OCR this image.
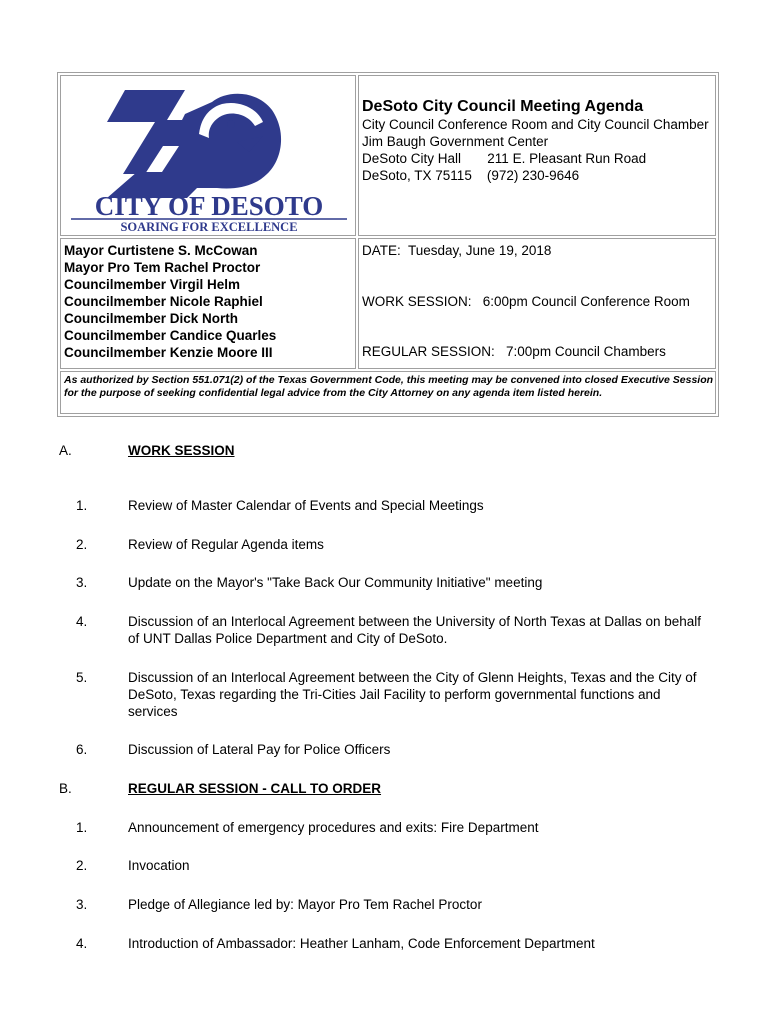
CITY OF DESOTO
SOARING FOR EXCELLENCE
DeSoto City Council Meeting Agenda
City Council Conference Room and City Council Chamber
Jim Baugh Government Center
DeSoto City Hall       211 E. Pleasant Run Road
DeSoto, TX 75115    (972) 230-9646
Mayor Curtistene S. McCowan
Mayor Pro Tem Rachel Proctor
Councilmember Virgil Helm
Councilmember Nicole Raphiel
Councilmember Dick North
Councilmember Candice Quarles
Councilmember Kenzie Moore III
DATE:  Tuesday, June 19, 2018
WORK SESSION:   6:00pm Council Conference Room
REGULAR SESSION:   7:00pm Council Chambers
As authorized by Section 551.071(2) of the Texas Government Code, this meeting may be convened into closed Executive Session for the purpose of seeking confidential legal advice from the City Attorney on any agenda item listed herein.
A.	WORK SESSION
1.	Review of Master Calendar of Events and Special Meetings
2.	Review of Regular Agenda items
3.	Update on the Mayor's "Take Back Our Community Initiative" meeting
4.	Discussion of an Interlocal Agreement between the University of North Texas at Dallas on behalf of UNT Dallas Police Department and City of DeSoto.
5.	Discussion of an Interlocal Agreement between the City of Glenn Heights, Texas and the City of DeSoto, Texas regarding the Tri-Cities Jail Facility to perform governmental functions and services
6.	Discussion of Lateral Pay for Police Officers
B.	REGULAR SESSION - CALL TO ORDER
1.	Announcement of emergency procedures and exits: Fire Department
2.	Invocation
3.	Pledge of Allegiance led by: Mayor Pro Tem Rachel Proctor
4.	Introduction of Ambassador: Heather Lanham, Code Enforcement Department
